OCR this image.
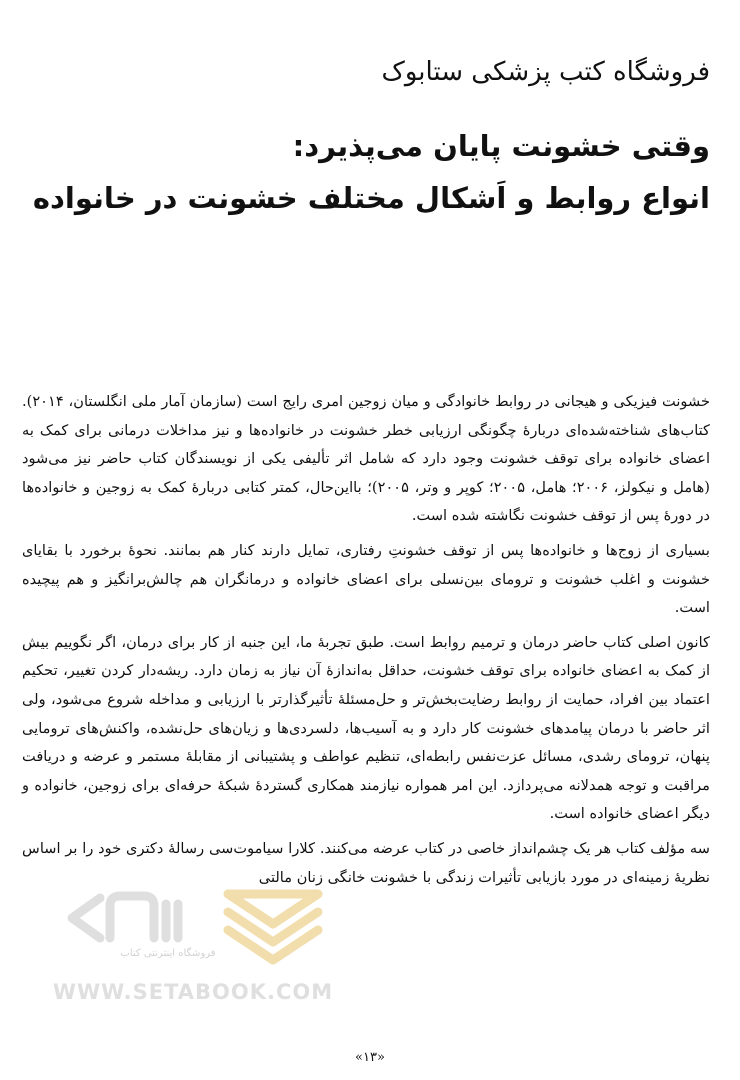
فروشگاه کتب پزشکی ستابوک
وقتی خشونت پایان می‌پذیرد:
انواع روابط و اَشکال مختلف خشونت در خانواده

خشونت فیزیکی و هیجانی در روابط خانوادگی و میان زوجین امری رایج است (سازمان آمار ملی انگلستان، ۲۰۱۴). کتاب‌های شناخته‌شده‌ای دربارهٔ چگونگی ارزیابی خطر خشونت در خانواده‌ها و نیز مداخلات درمانی برای کمک به اعضای خانواده برای توقف خشونت وجود دارد که شامل اثر تألیفی یکی از نویسندگان کتاب حاضر نیز می‌شود (هامل و نیکولز، ۲۰۰۶؛ هامل، ۲۰۰۵؛ کوپر و وتر، ۲۰۰۵)؛ بااین‌حال، کمتر کتابی دربارهٔ کمک به زوجین و خانواده‌ها در دورهٔ پس از توقف خشونت نگاشته شده است.

بسیاری از زوج‌ها و خانواده‌ها پس از توقف خشونتِ رفتاری، تمایل دارند کنار هم بمانند. نحوهٔ برخورد با بقایای خشونت و اغلب خشونت و ترومای بین‌نسلی برای اعضای خانواده و درمانگران هم چالش‌برانگیز و هم پیچیده است.

کانون اصلی کتاب حاضر درمان و ترمیم روابط است. طبق تجربهٔ ما، این جنبه از کار برای درمان، اگر نگوییم بیش از کمک به اعضای خانواده برای توقف خشونت، حداقل به‌اندازهٔ آن نیاز به زمان دارد. ریشه‌دار کردن تغییر، تحکیم اعتماد بین افراد، حمایت از روابط رضایت‌بخش‌تر و حل‌مسئلهٔ تأثیرگذارتر با ارزیابی و مداخله شروع می‌شود، ولی اثر حاضر با درمان پیامدهای خشونت کار دارد و به آسیب‌ها، دلسردی‌ها و زیان‌های حل‌نشده، واکنش‌های ترومایی پنهان، ترومای رشدی، مسائل عزت‌نفس رابطه‌ای، تنظیم عواطف و پشتیبانی از مقابلهٔ مستمر و عرضه و دریافت مراقبت و توجه همدلانه می‌پردازد. این امر همواره نیازمند همکاری گستردهٔ شبکهٔ حرفه‌ای برای زوجین، خانواده و دیگر اعضای خانواده است.

سه مؤلف کتاب هر یک چشم‌انداز خاصی در کتاب عرضه می‌کنند. کلارا سیاموت‌سی رسالهٔ دکتری خود را بر اساس نظریهٔ زمینه‌ای در مورد بازیابی تأثیرات زندگی با خشونت خانگی زنان مالتی

فروشگاه اینترنتی کتاب
WWW.SETABOOK.COM
«۱۳»
